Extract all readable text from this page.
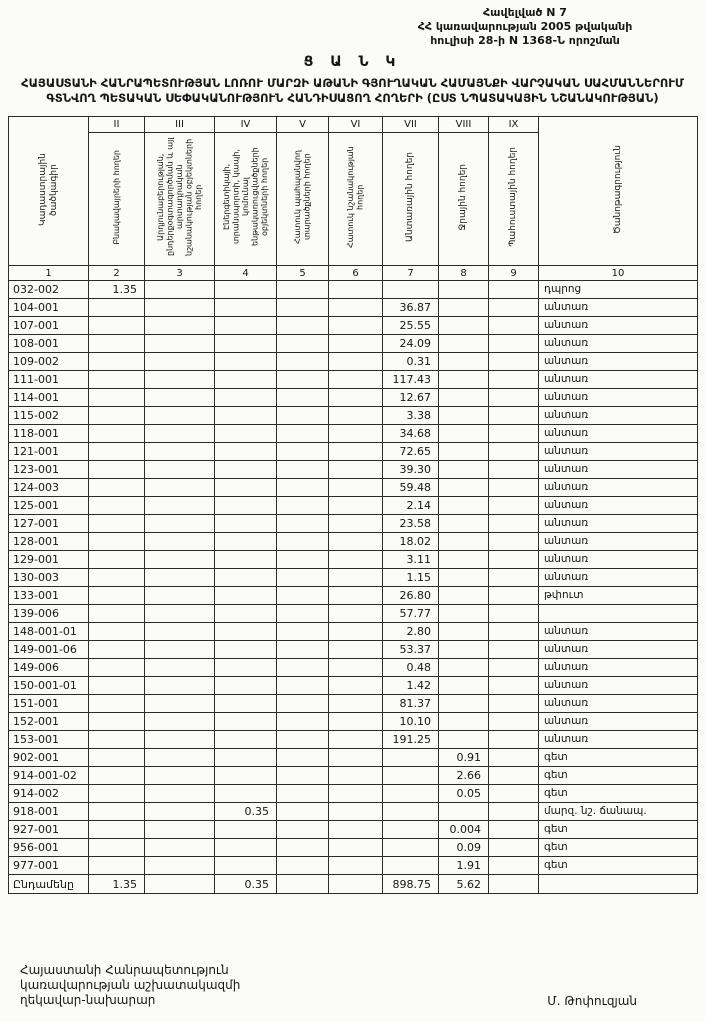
Հավելված N 7
ՀՀ կառավարության 2005 թվականի
հուլիսի 28-ի N 1368-Ն որոշման
Ց Ա Ն Կ
ՀԱՅԱՍՏԱՆԻ ՀԱՆՐԱՊԵՏՈՒԹՅԱՆ ԼՈՌՈՒ ՄԱՐԶԻ ԱԹԱՆԻ ԳՅՈՒՂԱԿԱՆ ՀԱՄԱՅՆՔԻ ՎԱՐՉԱԿԱՆ ՍԱՀՄԱՆՆԵՐՈՒՄ ԳՏՆՎՈՂ ՊԵՏԱԿԱՆ ՍԵՓԱԿԱՆՈՒԹՅՈՒՆ ՀԱՆԴԻՍԱՑՈՂ ՀՈՂԵՐԻ (ԸՍՏ ՆՊԱՏԱԿԱՅԻՆ ՆՇԱՆԱԿՈՒԹՅԱՆ)
Կադաստրային ծածկագիր	II	III	IV	V	VI	VII	VIII	IX	Ծանոթագրություն
	Բնակավայրերի հողեր	Արդյունաբերության, ընդերքօգտագործման և այլ արտադրական նշանակության օբյեկտների հողեր	Էներգետիկայի, տրանսպորտի, կապի, կոմունալ ենթակառուցվածքների օբյեկտների հողեր	Հատուկ պահպանվող տարածքների հողեր	Հատուկ նշանակության հողեր	Անտառային հողեր	Ջրային հողեր	Պահուստային հողեր	
1	2	3	4	5	6	7	8	9	10
032-002	1.35								դպրոց
104-001						36.87			անտառ
107-001						25.55			անտառ
108-001						24.09			անտառ
109-002						0.31			անտառ
111-001						117.43			անտառ
114-001						12.67			անտառ
115-002						3.38			անտառ
118-001						34.68			անտառ
121-001						72.65			անտառ
123-001						39.30			անտառ
124-003						59.48			անտառ
125-001						2.14			անտառ
127-001						23.58			անտառ
128-001						18.02			անտառ
129-001						3.11			անտառ
130-003						1.15			անտառ
133-001						26.80			թփուտ
139-006						57.77			
148-001-01						2.80			անտառ
149-001-06						53.37			անտառ
149-006						0.48			անտառ
150-001-01						1.42			անտառ
151-001						81.37			անտառ
152-001						10.10			անտառ
153-001						191.25			անտառ
902-001							0.91		գետ
914-001-02							2.66		գետ
914-002							0.05		գետ
918-001			0.35						մարզ. նշ. ճանապ.
927-001							0.004		գետ
956-001							0.09		գետ
977-001							1.91		գետ
Ընդամենը	1.35		0.35			898.75	5.62		
Հայաստանի Հանրապետություն
կառավարության աշխատակազմի
ղեկավար-նախարար	Մ. Թոփուզյան
